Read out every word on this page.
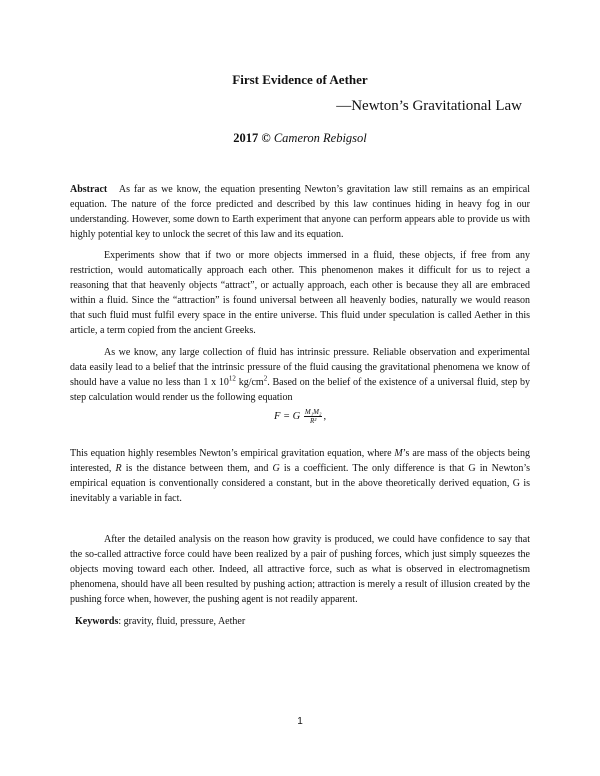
First Evidence of Aether
—Newton’s Gravitational Law
2017 © Cameron Rebigsol
Abstract As far as we know, the equation presenting Newton’s gravitation law still remains as an empirical equation. The nature of the force predicted and described by this law continues hiding in heavy fog in our understanding. However, some down to Earth experiment that anyone can perform appears able to provide us with highly potential key to unlock the secret of this law and its equation.
Experiments show that if two or more objects immersed in a fluid, these objects, if free from any restriction, would automatically approach each other. This phenomenon makes it difficult for us to reject a reasoning that that heavenly objects “attract”, or actually approach, each other is because they all are embraced within a fluid. Since the “attraction” is found universal between all heavenly bodies, naturally we would reason that such fluid must fulfil every space in the entire universe. This fluid under speculation is called Aether in this article, a term copied from the ancient Greeks.
As we know, any large collection of fluid has intrinsic pressure. Reliable observation and experimental data easily lead to a belief that the intrinsic pressure of the fluid causing the gravitational phenomena we know of should have a value no less than 1 x $10^{12}$ $kg/cm^2$. Based on the belief of the existence of a universal fluid, step by step calculation would render us the following equation
F = G $\frac{\text{M₁M₂}}{\text{R²}}$ ,
This equation highly resembles Newton’s empirical gravitation equation, where M’s are mass of the objects being interested, R is the distance between them, and G is a coefficient. The only difference is that G in Newton’s empirical equation is conventionally considered a constant, but in the above theoretically derived equation, G is inevitably a variable in fact.
After the detailed analysis on the reason how gravity is produced, we could have confidence to say that the so-called attractive force could have been realized by a pair of pushing forces, which just simply squeezes the objects moving toward each other. Indeed, all attractive force, such as what is observed in electromagnetism phenomena, should have all been resulted by pushing action; attraction is merely a result of illusion created by the pushing force when, however, the pushing agent is not readily apparent.
Keywords: gravity, fluid, pressure, Aether
1
